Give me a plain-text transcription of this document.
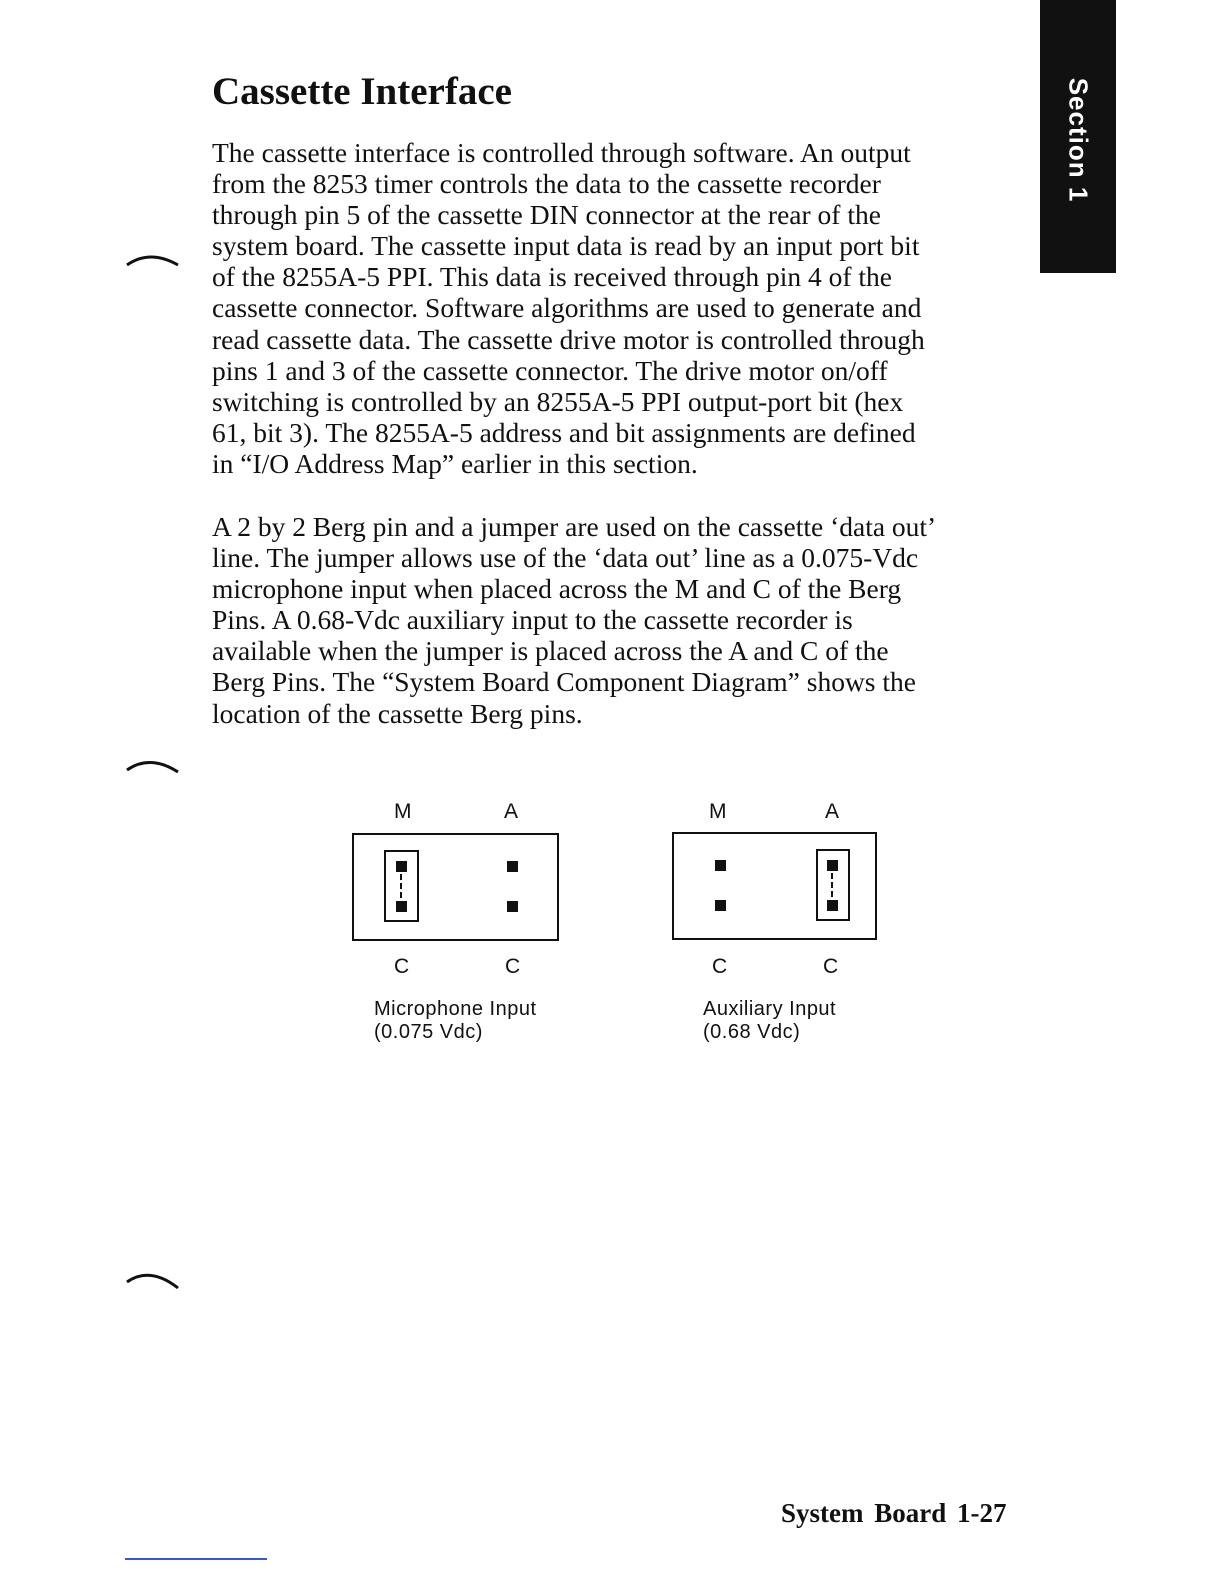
Section 1
Cassette Interface

The cassette interface is controlled through software. An output
from the 8253 timer controls the data to the cassette recorder
through pin 5 of the cassette DIN connector at the rear of the
system board. The cassette input data is read by an input port bit
of the 8255A-5 PPI. This data is received through pin 4 of the
cassette connector. Software algorithms are used to generate and
read cassette data. The cassette drive motor is controlled through
pins 1 and 3 of the cassette connector. The drive motor on/off
switching is controlled by an 8255A-5 PPI output-port bit (hex
61, bit 3). The 8255A-5 address and bit assignments are defined
in “I/O Address Map” earlier in this section.

A 2 by 2 Berg pin and a jumper are used on the cassette ‘data out’
line. The jumper allows use of the ‘data out’ line as a 0.075-Vdc
microphone input when placed across the M and C of the Berg
Pins. A 0.68-Vdc auxiliary input to the cassette recorder is
available when the jumper is placed across the A and C of the
Berg Pins. The “System Board Component Diagram” shows the
location of the cassette Berg pins.

M	A
C	C
Microphone Input
(0.075 Vdc)
M	A
C	C
Auxiliary Input
(0.68 Vdc)
System Board 1-27
